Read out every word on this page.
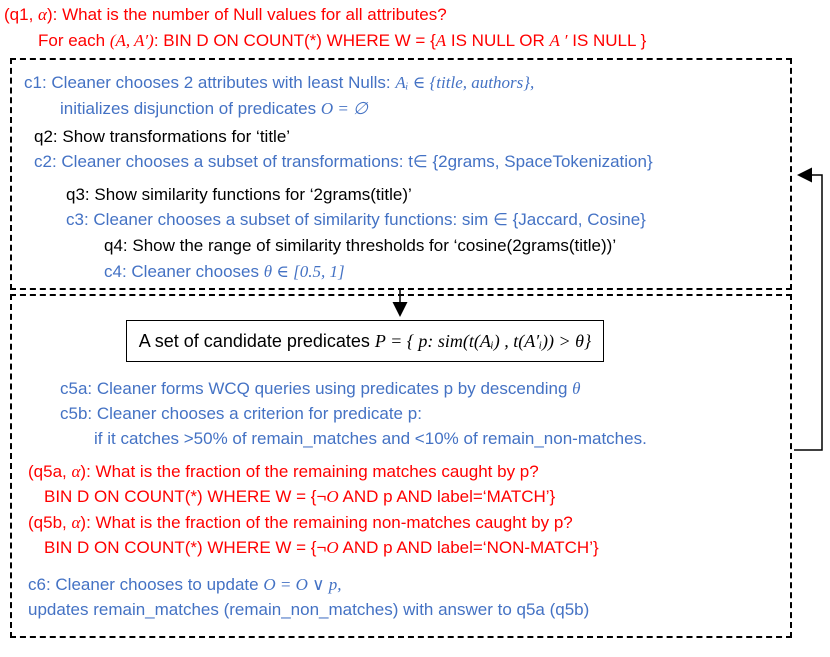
(q1, α): What is the number of Null values for all attributes?
For each (A, A′): BIN D ON COUNT(*) WHERE W = {A IS NULL OR A ′ IS NULL }
c1: Cleaner chooses 2 attributes with least Nulls: Aᵢ ∈ {title, authors},
initializes disjunction of predicates O = ∅
q2: Show transformations for ‘title’
c2: Cleaner chooses a subset of transformations: t∈ {2grams, SpaceTokenization}
q3: Show similarity functions for ‘2grams(title)’
c3: Cleaner chooses a subset of similarity functions: sim ∈ {Jaccard, Cosine}
q4: Show the range of similarity thresholds for ‘cosine(2grams(title))’
c4: Cleaner chooses θ ∈ [0.5, 1]
A set of candidate predicates P = { p: sim(t(Aᵢ) , t(A′ᵢ)) > θ}
c5a: Cleaner forms WCQ queries using predicates p by descending θ
c5b: Cleaner chooses a criterion for predicate p:
if it catches >50% of remain_matches and <10% of remain_non-matches.
(q5a, α): What is the fraction of the remaining matches caught by p?
BIN D ON COUNT(*) WHERE W = {¬O AND p AND label=‘MATCH’}
(q5b, α): What is the fraction of the remaining non-matches caught by p?
BIN D ON COUNT(*) WHERE W = {¬O AND p AND label=‘NON-MATCH’}
c6: Cleaner chooses to update O = O ∨ p,
updates remain_matches (remain_non_matches) with answer to q5a (q5b)
